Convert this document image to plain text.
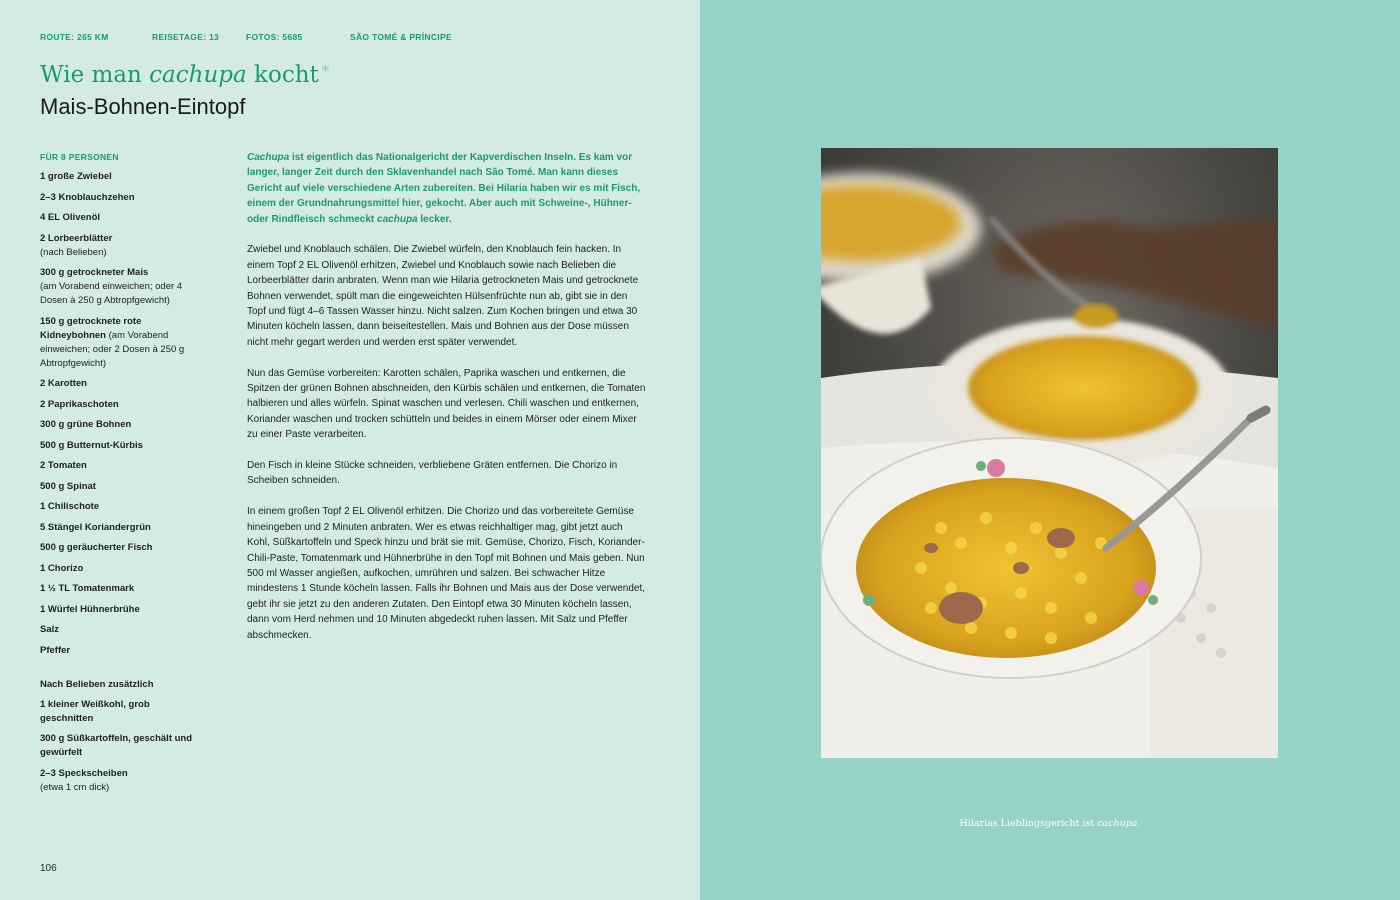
ROUTE: 265 KM	REISETAGE: 13	FOTOS: 5685	SÃO TOMÉ & PRÍNCIPE
Wie man cachupa kocht *
Mais-Bohnen-Eintopf
FÜR 8 PERSONEN
1 große Zwiebel
2–3 Knoblauchzehen
4 EL Olivenöl
2 Lorbeerblätter
(nach Belieben)
300 g getrockneter Mais
(am Vorabend einweichen; oder 4 Dosen à 250 g Abtropfgewicht)
150 g getrocknete rote Kidneybohnen (am Vorabend einweichen; oder 2 Dosen à 250 g Abtropfgewicht)
2 Karotten
2 Paprikaschoten
300 g grüne Bohnen
500 g Butternut-Kürbis
2 Tomaten
500 g Spinat
1 Chilischote
5 Stängel Koriandergrün
500 g geräucherter Fisch
1 Chorizo
1 ½ TL Tomatenmark
1 Würfel Hühnerbrühe
Salz
Pfeffer
Nach Belieben zusätzlich
1 kleiner Weißkohl, grob geschnitten
300 g Süßkartoffeln, geschält und gewürfelt
2–3 Speckscheiben
(etwa 1 cm dick)

Cachupa ist eigentlich das Nationalgericht der Kapverdischen Inseln. Es kam vor langer, langer Zeit durch den Sklavenhandel nach São Tomé. Man kann dieses Gericht auf viele verschiedene Arten zubereiten. Bei Hilaria haben wir es mit Fisch, einem der Grundnahrungsmittel hier, gekocht. Aber auch mit Schweine-, Hühner- oder Rindfleisch schmeckt cachupa lecker.

Zwiebel und Knoblauch schälen. Die Zwiebel würfeln, den Knoblauch fein hacken. In einem Topf 2 EL Olivenöl erhitzen, Zwiebel und Knoblauch sowie nach Belieben die Lorbeerblätter darin anbraten. Wenn man wie Hilaria getrockneten Mais und getrocknete Bohnen verwendet, spült man die eingeweichten Hülsenfrüchte nun ab, gibt sie in den Topf und fügt 4–6 Tassen Wasser hinzu. Nicht salzen. Zum Kochen bringen und etwa 30 Minuten köcheln lassen, dann beiseitestellen. Mais und Bohnen aus der Dose müssen nicht mehr gegart werden und werden erst später verwendet.

Nun das Gemüse vorbereiten: Karotten schälen, Paprika waschen und entkernen, die Spitzen der grünen Bohnen abschneiden, den Kürbis schälen und entkernen, die Tomaten halbieren und alles würfeln. Spinat waschen und verlesen. Chili waschen und entkernen, Koriander waschen und trocken schütteln und beides in einem Mörser oder einem Mixer zu einer Paste verarbeiten.

Den Fisch in kleine Stücke schneiden, verbliebene Gräten entfernen. Die Chorizo in Scheiben schneiden.

In einem großen Topf 2 EL Olivenöl erhitzen. Die Chorizo und das vorbereitete Gemüse hineingeben und 2 Minuten anbraten. Wer es etwas reichhaltiger mag, gibt jetzt auch Kohl, Süßkartoffeln und Speck hinzu und brät sie mit. Gemüse, Chorizo, Fisch, Koriander-Chili-Paste, Tomatenmark und Hühnerbrühe in den Topf mit Bohnen und Mais geben. Nun 500 ml Wasser angießen, aufkochen, umrühren und salzen. Bei schwacher Hitze mindestens 1 Stunde köcheln lassen. Falls ihr Bohnen und Mais aus der Dose verwendet, gebt ihr sie jetzt zu den anderen Zutaten. Den Eintopf etwa 30 Minuten köcheln lassen, dann vom Herd nehmen und 10 Minuten abgedeckt ruhen lassen. Mit Salz und Pfeffer abschmecken.

106
Hilarias Lieblingsgericht ist cachupa.
